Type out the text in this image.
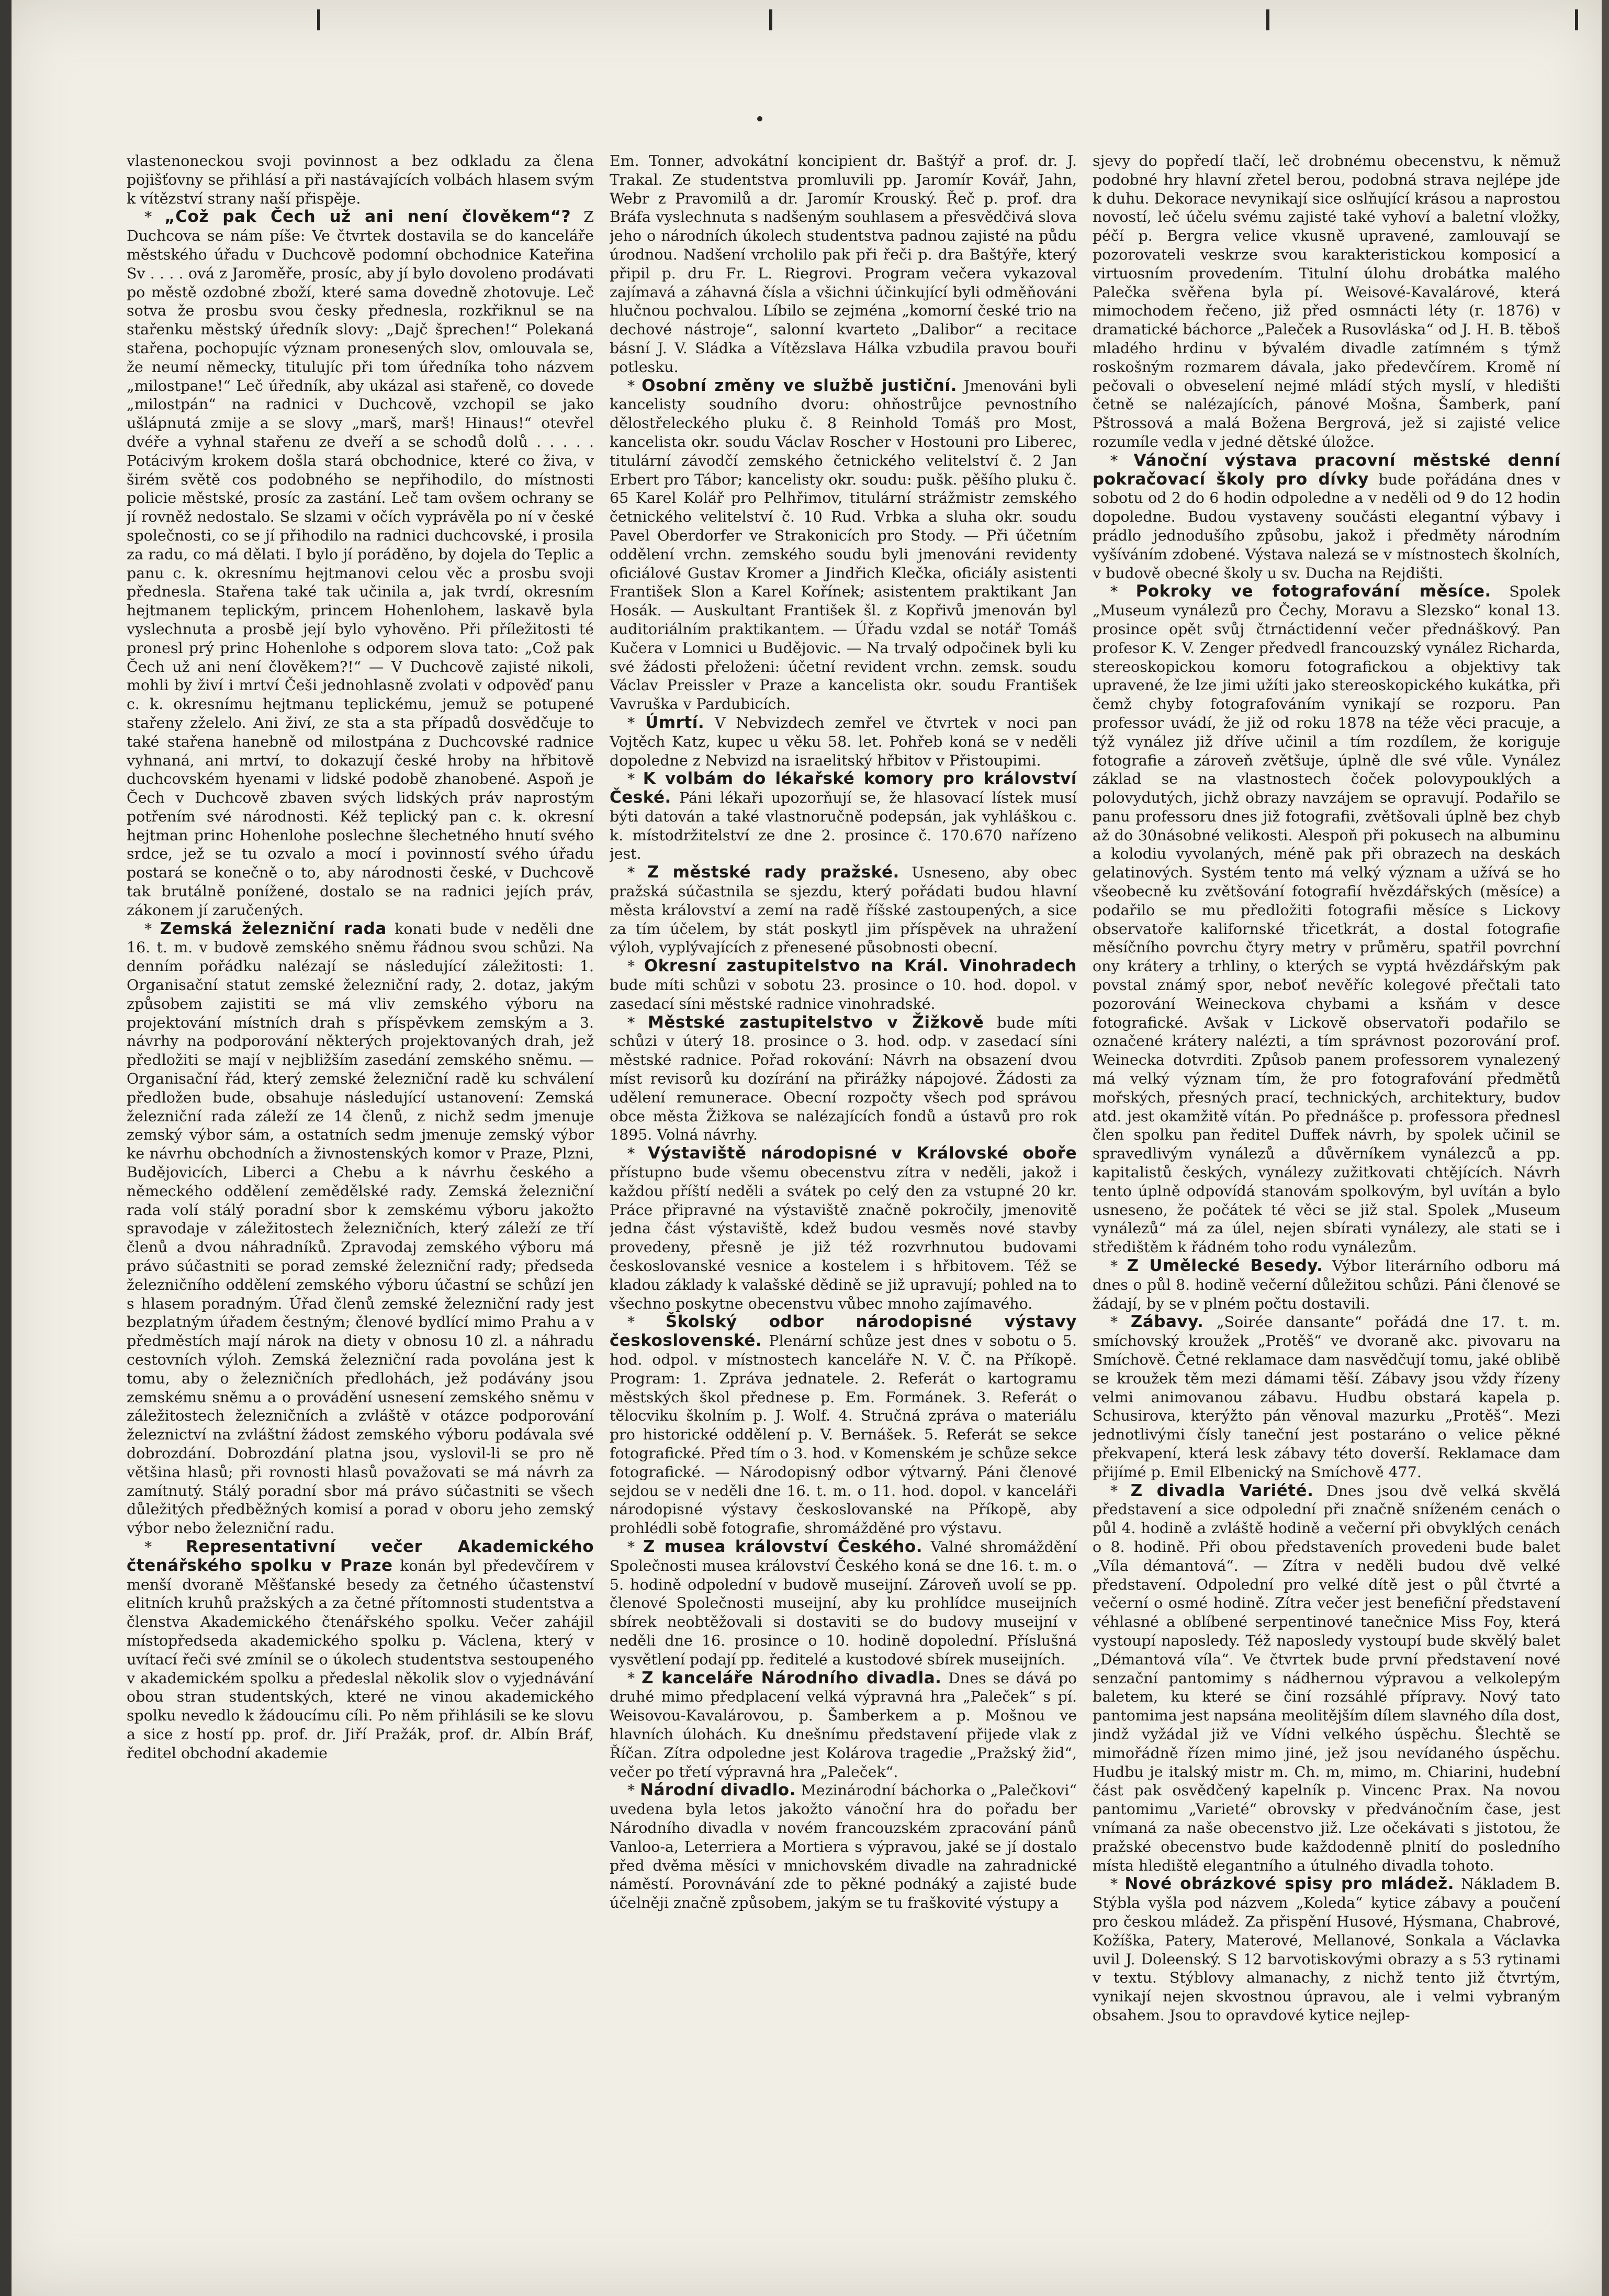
vlastenoneckou svoji povinnost a bez odkladu za člena pojišťovny se přihlásí a při nastávajících volbách hlasem svým k vítězství strany naší přispěje.

* „Což pak Čech už ani není člověkem“? Z Duchcova se nám píše: Ve čtvrtek dostavila se do kanceláře městského úřadu v Duchcově podomní obchodnice Kateřina Sv . . . . ová z Jaroměře, prosíc, aby jí bylo dovoleno prodávati po městě ozdobné zboží, které sama dovedně zhotovuje. Leč sotva že prosbu svou česky přednesla, rozkřiknul se na stařenku městský úředník slovy: „Dajč šprechen!“ Polekaná stařena, pochopujíc význam pronesených slov, omlouvala se, že neumí německy, titulujíc při tom úředníka toho názvem „milostpane!“ Leč úředník, aby ukázal asi stařeně, co dovede „milostpán“ na radnici v Duchcově, vzchopil se jako ušlápnutá zmije a se slovy „marš, marš! Hinaus!“ otevřel dvéře a vyhnal stařenu ze dveří a se schodů dolů . . . . . Potácivým krokem došla stará obchodnice, které co živa, v širém světě cos podobného se nepřihodilo, do místnosti policie městské, prosíc za zastání. Leč tam ovšem ochrany se jí rovněž nedostalo. Se slzami v očích vyprávěla po ní v české společnosti, co se jí přihodilo na radnici duchcovské, i prosila za radu, co má dělati. I bylo jí poráděno, by dojela do Teplic a panu c. k. okresnímu hejtmanovi celou věc a prosbu svoji přednesla. Stařena také tak učinila a, jak tvrdí, okresním hejtmanem teplickým, princem Hohenlohem, laskavě byla vyslechnuta a prosbě její bylo vyhověno. Při příležitosti té pronesl prý princ Hohenlohe s odporem slova tato: „Což pak Čech už ani není člověkem?!“ — V Duchcově zajisté nikoli, mohli by živí i mrtví Češi jednohlasně zvolati v odpověď panu c. k. okresnímu hejtmanu teplickému, jemuž se potupené stařeny zželelo. Ani živí, ze sta a sta případů dosvědčuje to také stařena hanebně od milostpána z Duchcovské radnice vyhnaná, ani mrtví, to dokazují české hroby na hřbitově duchcovském hyenami v lidské podobě zhanobené. Aspoň je Čech v Duchcově zbaven svých lidských práv naprostým potřením své národnosti. Kéž teplický pan c. k. okresní hejtman princ Hohenlohe poslechne šlechetného hnutí svého srdce, jež se tu ozvalo a mocí i povinností svého úřadu postará se konečně o to, aby národnosti české, v Duchcově tak brutálně ponížené, dostalo se na radnici jejích práv, zákonem jí zaručených.

* Zemská železniční rada konati bude v neděli dne 16. t. m. v budově zemského sněmu řádnou svou schůzi. Na denním pořádku nalézají se následující záležitosti: 1. Organisační statut zemské železniční rady, 2. dotaz, jakým způsobem zajistiti se má vliv zemského výboru na projektování místních drah s příspěvkem zemským a 3. návrhy na podporování některých projektovaných drah, jež předložiti se mají v nejbližším zasedání zemského sněmu. — Organisační řád, který zemské železniční radě ku schválení předložen bude, obsahuje následující ustanovení: Zemská železniční rada záleží ze 14 členů, z nichž sedm jmenuje zemský výbor sám, a ostatních sedm jmenuje zemský výbor ke návrhu obchodních a živnostenských komor v Praze, Plzni, Budějovicích, Liberci a Chebu a k návrhu českého a německého oddělení zemědělské rady. Zemská železniční rada volí stálý poradní sbor k zemskému výboru jakožto spravodaje v záležitostech železničních, který záleží ze tří členů a dvou náhradníků. Zpravodaj zemského výboru má právo súčastniti se porad zemské železniční rady; předseda železničního oddělení zemského výboru účastní se schůzí jen s hlasem poradným. Úřad členů zemské železniční rady jest bezplatným úřadem čestným; členové bydlící mimo Prahu a v předměstích mají nárok na diety v obnosu 10 zl. a náhradu cestovních výloh. Zemská železniční rada povolána jest k tomu, aby o železničních předlohách, jež podávány jsou zemskému sněmu a o provádění usnesení zemského sněmu v záležitostech železničních a zvláště v otázce podporování železnictví na zvláštní žádost zemského výboru podávala své dobrozdání. Dobrozdání platna jsou, vyslovil-li se pro ně většina hlasů; při rovnosti hlasů považovati se má návrh za zamítnutý. Stálý poradní sbor má právo súčastniti se všech důležitých předběžných komisí a porad v oboru jeho zemský výbor nebo železniční radu.

* Representativní večer Akademického čtenářského spolku v Praze konán byl předevčírem v menší dvoraně Měšťanské besedy za četného účastenství elitních kruhů pražských a za četné přítomnosti studentstva a členstva Akademického čtenářského spolku. Večer zahájil místopředseda akademického spolku p. Václena, který v uvítací řeči své zmínil se o úkolech studentstva sestoupeného v akademickém spolku a předeslal několik slov o vyjednávání obou stran studentských, které ne vinou akademického spolku nevedlo k žádoucímu cíli. Po něm přihlásili se ke slovu a sice z hostí pp. prof. dr. Jiří Pražák, prof. dr. Albín Bráf, ředitel obchodní akademie

Em. Tonner, advokátní koncipient dr. Baštýř a prof. dr. J. Trakal. Ze studentstva promluvili pp. Jaromír Kovář, Jahn, Webr z Pravomilů a dr. Jaromír Krouský. Řeč p. prof. dra Bráfa vyslechnuta s nadšeným souhlasem a přesvědčivá slova jeho o národních úkolech studentstva padnou zajisté na půdu úrodnou. Nadšení vrcholilo pak při řeči p. dra Baštýře, který připil p. dru Fr. L. Riegrovi. Program večera vykazoval zajímavá a záhavná čísla a všichni účinkující byli odměňováni hlučnou pochvalou. Líbilo se zejména „komorní české trio na dechové nástroje“, salonní kvarteto „Dalibor“ a recitace básní J. V. Sládka a Vítězslava Hálka vzbudila pravou bouři potlesku.

* Osobní změny ve službě justiční. Jmenováni byli kancelisty soudního dvoru: ohňostrůjce pevnostního dělostřeleckého pluku č. 8 Reinhold Tomáš pro Most, kancelista okr. soudu Václav Roscher v Hostouni pro Liberec, titulární závodčí zemského četnického velitelství č. 2 Jan Erbert pro Tábor; kancelisty okr. soudu: pušk. pěšího pluku č. 65 Karel Kolář pro Pelhřimov, titulární strážmistr zemského četnického velitelství č. 10 Rud. Vrbka a sluha okr. soudu Pavel Oberdorfer ve Strakonicích pro Stody. — Při účetním oddělení vrchn. zemského soudu byli jmenováni revidenty oficiálové Gustav Kromer a Jindřich Klečka, oficiály asistenti František Slon a Karel Kořínek; asistentem praktikant Jan Hosák. — Auskultant František šl. z Kopřivů jmenován byl auditoriálním praktikantem. — Úřadu vzdal se notář Tomáš Kučera v Lomnici u Budějovic. — Na trvalý odpočinek byli ku své žádosti přeloženi: účetní revident vrchn. zemsk. soudu Václav Preissler v Praze a kancelista okr. soudu František Vavruška v Pardubicích.

* Úmrtí. V Nebvizdech zemřel ve čtvrtek v noci pan Vojtěch Katz, kupec u věku 58. let. Pohřeb koná se v neděli dopoledne z Nebvizd na israelitský hřbitov v Přistoupimi.

* K volbám do lékařské komory pro království České. Páni lékaři upozorňují se, že hlasovací lístek musí býti datován a také vlastnoručně podepsán, jak vyhláškou c. k. místodržitelství ze dne 2. prosince č. 170.670 nařízeno jest.

* Z městské rady pražské. Usneseno, aby obec pražská súčastnila se sjezdu, který pořádati budou hlavní města království a zemí na radě říšské zastoupených, a sice za tím účelem, by stát poskytl jim příspěvek na uhražení výloh, vyplývajících z přenesené působnosti obecní.

* Okresní zastupitelstvo na Král. Vinohradech bude míti schůzi v sobotu 23. prosince o 10. hod. dopol. v zasedací síni městské radnice vinohradské.

* Městské zastupitelstvo v Žižkově bude míti schůzi v úterý 18. prosince o 3. hod. odp. v zasedací síni městské radnice. Pořad rokování: Návrh na obsazení dvou míst revisorů ku dozírání na přirážky nápojové. Žádosti za udělení remunerace. Obecní rozpočty všech pod správou obce města Žižkova se nalézajících fondů a ústavů pro rok 1895. Volná návrhy.

* Výstaviště národopisné v Královské oboře přístupno bude všemu obecenstvu zítra v neděli, jakož i každou příští neděli a svátek po celý den za vstupné 20 kr. Práce připravné na výstaviště značně pokročily, jmenovitě jedna část výstaviště, kdež budou vesměs nové stavby provedeny, přesně je již též rozvrhnutou budovami českoslovanské vesnice a kostelem i s hřbitovem. Též se kladou základy k valašské dědině se již upravují; pohled na to všechno poskytne obecenstvu vůbec mnoho zajímavého.

* Školský odbor národopisné výstavy československé. Plenární schůze jest dnes v sobotu o 5. hod. odpol. v místnostech kanceláře N. V. Č. na Příkopě. Program: 1. Zpráva jednatele. 2. Referát o kartogramu městských škol přednese p. Em. Formánek. 3. Referát o tělocviku školním p. J. Wolf. 4. Stručná zpráva o materiálu pro historické oddělení p. V. Bernášek. 5. Referát se sekce fotografické. Před tím o 3. hod. v Komenském je schůze sekce fotografické. — Národopisný odbor výtvarný. Páni členové sejdou se v neděli dne 16. t. m. o 11. hod. dopol. v kanceláři národopisné výstavy českoslovanské na Příkopě, aby prohlédli sobě fotografie, shromážděné pro výstavu.

* Z musea království Českého. Valné shromáždění Společnosti musea království Českého koná se dne 16. t. m. o 5. hodině odpolední v budově museijní. Zároveň uvolí se pp. členové Společnosti museijní, aby ku prohlídce museijních sbírek neobtěžovali si dostaviti se do budovy museijní v neděli dne 16. prosince o 10. hodině dopolední. Příslušná vysvětlení podají pp. ředitelé a kustodové sbírek museijních.

* Z kanceláře Národního divadla. Dnes se dává po druhé mimo předplacení velká výpravná hra „Paleček“ s pí. Weisovou-Kavalárovou, p. Šamberkem a p. Mošnou ve hlavních úlohách. Ku dnešnímu představení přijede vlak z Říčan. Zítra odpoledne jest Kolárova tragedie „Pražský žid“, večer po třetí výpravná hra „Paleček“.

* Národní divadlo. Mezinárodní báchorka o „Palečkovi“ uvedena byla letos jakožto vánoční hra do pořadu ber Národního divadla v novém francouzském zpracování pánů Vanloo-a, Leterriera a Mortiera s výpravou, jaké se jí dostalo před dvěma měsíci v mnichovském divadle na zahradnické náměstí. Porovnávání zde to pěkné podnáký a zajisté bude účelněji značně způsobem, jakým se tu fraškovité výstupy a

sjevy do popředí tlačí, leč drobnému obecenstvu, k němuž podobné hry hlavní zřetel berou, podobná strava nejlépe jde k duhu. Dekorace nevynikají sice oslňující krásou a naprostou novostí, leč účelu svému zajisté také vyhoví a baletní vložky, péčí p. Bergra velice vkusně upravené, zamlouvají se pozorovateli veskrze svou karakteristickou komposicí a virtuosním provedením. Titulní úlohu drobátka malého Palečka svěřena byla pí. Weisové-Kavalárové, která mimochodem řečeno, již před osmnácti léty (r. 1876) v dramatické báchorce „Paleček a Rusovláska“ od J. H. B. těboš mladého hrdinu v bývalém divadle zatímném s týmž roskošným rozmarem dávala, jako předevčírem. Kromě ní pečovali o obveselení nejmé mládí stých myslí, v hledišti četně se nalézajících, pánové Mošna, Šamberk, paní Pštrossová a malá Božena Bergrová, jež si zajisté velice rozumíle vedla v jedné dětské úložce.

* Vánoční výstava pracovní městské denní pokračovací školy pro dívky bude pořádána dnes v sobotu od 2 do 6 hodin odpoledne a v neděli od 9 do 12 hodin dopoledne. Budou vystaveny součásti elegantní výbavy i prádlo jednodušího způsobu, jakož i předměty národním vyšíváním zdobené. Výstava nalezá se v místnostech školních, v budově obecné školy u sv. Ducha na Rejdišti.

* Pokroky ve fotografování měsíce. Spolek „Museum vynálezů pro Čechy, Moravu a Slezsko“ konal 13. prosince opět svůj čtrnáctidenní večer přednáškový. Pan profesor K. V. Zenger předvedl francouzský vynález Richarda, stereoskopickou komoru fotografickou a objektivy tak upravené, že lze jimi užíti jako stereoskopického kukátka, při čemž chyby fotografováním vynikají se rozporu. Pan professor uvádí, že již od roku 1878 na téže věci pracuje, a týž vynález již dříve učinil a tím rozdílem, že koriguje fotografie a zároveň zvětšuje, úplně dle své vůle. Vynález základ se na vlastnostech čoček polovypouklých a polovydutých, jichž obrazy navzájem se opravují. Podařilo se panu professoru dnes již fotografii, zvětšovali úplně bez chyb až do 30násobné velikosti. Alespoň při pokusech na albuminu a kolodiu vyvolaných, méně pak při obrazech na deskách gelatinových. Systém tento má velký význam a užívá se ho všeobecně ku zvětšování fotografií hvězdářských (měsíce) a podařilo se mu předložiti fotografii měsíce s Lickovy observatoře kalifornské třicetkrát, a dostal fotografie měsíčního povrchu čtyry metry v průměru, spatřil povrchní ony krátery a trhliny, o kterých se vyptá hvězdářským pak povstal známý spor, neboť nevěříc kolegové přečtali tato pozorování Weineckova chybami a ksňám v desce fotografické. Avšak v Lickově observatoři podařilo se označené krátery nalézti, a tím správnost pozorování prof. Weinecka dotvrditi. Způsob panem professorem vynalezený má velký význam tím, že pro fotografování předmětů mořských, přesných prací, technických, architektury, budov atd. jest okamžitě vítán. Po přednášce p. professora přednesl člen spolku pan ředitel Duffek návrh, by spolek učinil se spravedlivým vynálezů a důvěrníkem vynálezců a pp. kapitalistů českých, vynálezy zužitkovati chtějících. Návrh tento úplně odpovídá stanovám spolkovým, byl uvítán a bylo usneseno, že počátek té věci se již stal. Spolek „Museum vynálezů“ má za úlel, nejen sbírati vynálezy, ale stati se i středištěm k řádném toho rodu vynálezům.

* Z Umělecké Besedy. Výbor literárního odboru má dnes o půl 8. hodině večerní důležitou schůzi. Páni členové se žádají, by se v plném počtu dostavili.

* Zábavy. „Soirée dansante“ pořádá dne 17. t. m. smíchovský kroužek „Protěš“ ve dvoraně akc. pivovaru na Smíchově. Četné reklamace dam nasvědčují tomu, jaké oblibě se kroužek těm mezi dámami těší. Zábavy jsou vždy řízeny velmi animovanou zábavu. Hudbu obstará kapela p. Schusirova, kterýžto pán věnoval mazurku „Protěš“. Mezi jednotlivými čísly taneční jest postaráno o velice pěkné překvapení, která lesk zábavy této doverší. Reklamace dam přijímé p. Emil Elbenický na Smíchově 477.

* Z divadla Variété. Dnes jsou dvě velká skvělá představení a sice odpolední při značně sníženém cenách o půl 4. hodině a zvláště hodině a večerní při obvyklých cenách o 8. hodině. Při obou představeních provedeni bude balet „Víla démantová“. — Zítra v neděli budou dvě velké představení. Odpolední pro velké dítě jest o půl čtvrté a večerní o osmé hodině. Zítra večer jest benefiční představení véhlasné a oblíbené serpentinové tanečnice Miss Foy, která vystoupí naposledy. Též naposledy vystoupí bude skvělý balet „Démantová víla“. Ve čtvrtek bude první představení nové senzační pantomimy s nádhernou výpravou a velkolepým baletem, ku které se činí rozsáhlé přípravy. Nový tato pantomima jest napsána meolitějším dílem slavného díla dost, jindž vyžádal již ve Vídni velkého úspěchu. Šlechtě se mimořádně řízen mimo jiné, jež jsou nevídaného úspěchu. Hudbu je italský mistr m. Ch. m, mimo, m. Chiarini, hudební část pak osvědčený kapelník p. Vincenc Prax. Na novou pantomimu „Varieté“ obrovsky v předvánočním čase, jest vnímaná za naše obecenstvo již. Lze očekávati s jistotou, že pražské obecenstvo bude každodenně plnití do posledního místa hlediště elegantního a útulného divadla tohoto.

* Nové obrázkové spisy pro mládež. Nákladem B. Stýbla vyšla pod názvem „Koleda“ kytice zábavy a poučení pro českou mládež. Za přispění Husové, Hýsmana, Chabrové, Kožíška, Patery, Materové, Mellanové, Sonkala a Václavka uvil J. Doleenský. S 12 barvotiskovými obrazy a s 53 rytinami v textu. Stýblovy almanachy, z nichž tento již čtvrtým, vynikají nejen skvostnou úpravou, ale i velmi vybraným obsahem. Jsou to opravdové kytice nejlep-
